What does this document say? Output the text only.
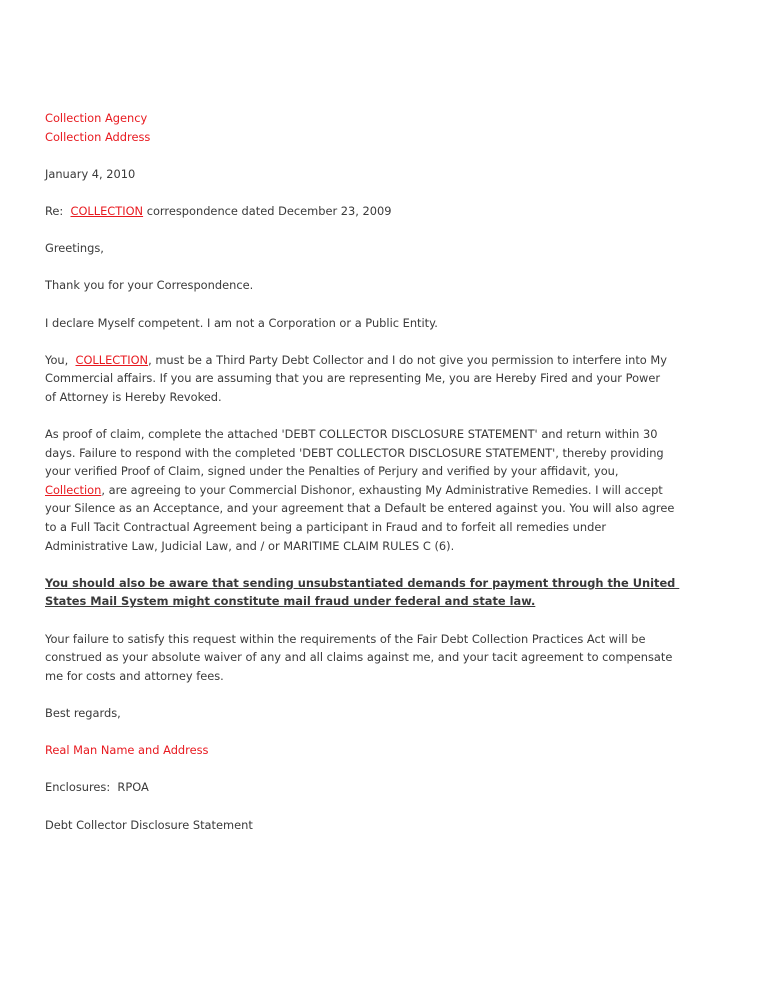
Collection Agency

Collection Address

January 4, 2010

Re: COLLECTION correspondence dated December 23, 2009

Greetings,

Thank you for your Correspondence.

I declare Myself competent. I am not a Corporation or a Public Entity.

You,  COLLECTION, must be a Third Party Debt Collector and I do not give you permission to interfere into My

Commercial affairs. If you are assuming that you are representing Me, you are Hereby Fired and your Power

of Attorney is Hereby Revoked.

As proof of claim, complete the attached 'DEBT COLLECTOR DISCLOSURE STATEMENT' and return within 30

days. Failure to respond with the completed 'DEBT COLLECTOR DISCLOSURE STATEMENT', thereby providing

your verified Proof of Claim, signed under the Penalties of Perjury and verified by your affidavit, you,

Collection, are agreeing to your Commercial Dishonor, exhausting My Administrative Remedies. I will accept

your Silence as an Acceptance, and your agreement that a Default be entered against you. You will also agree

to a Full Tacit Contractual Agreement being a participant in Fraud and to forfeit all remedies under

Administrative Law, Judicial Law, and / or MARITIME CLAIM RULES C (6).

You should also be aware that sending unsubstantiated demands for payment through the United

States Mail System might constitute mail fraud under federal and state law.

Your failure to satisfy this request within the requirements of the Fair Debt Collection Practices Act will be

construed as your absolute waiver of any and all claims against me, and your tacit agreement to compensate

me for costs and attorney fees.

Best regards,

Real Man Name and Address

Enclosures:  RPOA

Debt Collector Disclosure Statement
